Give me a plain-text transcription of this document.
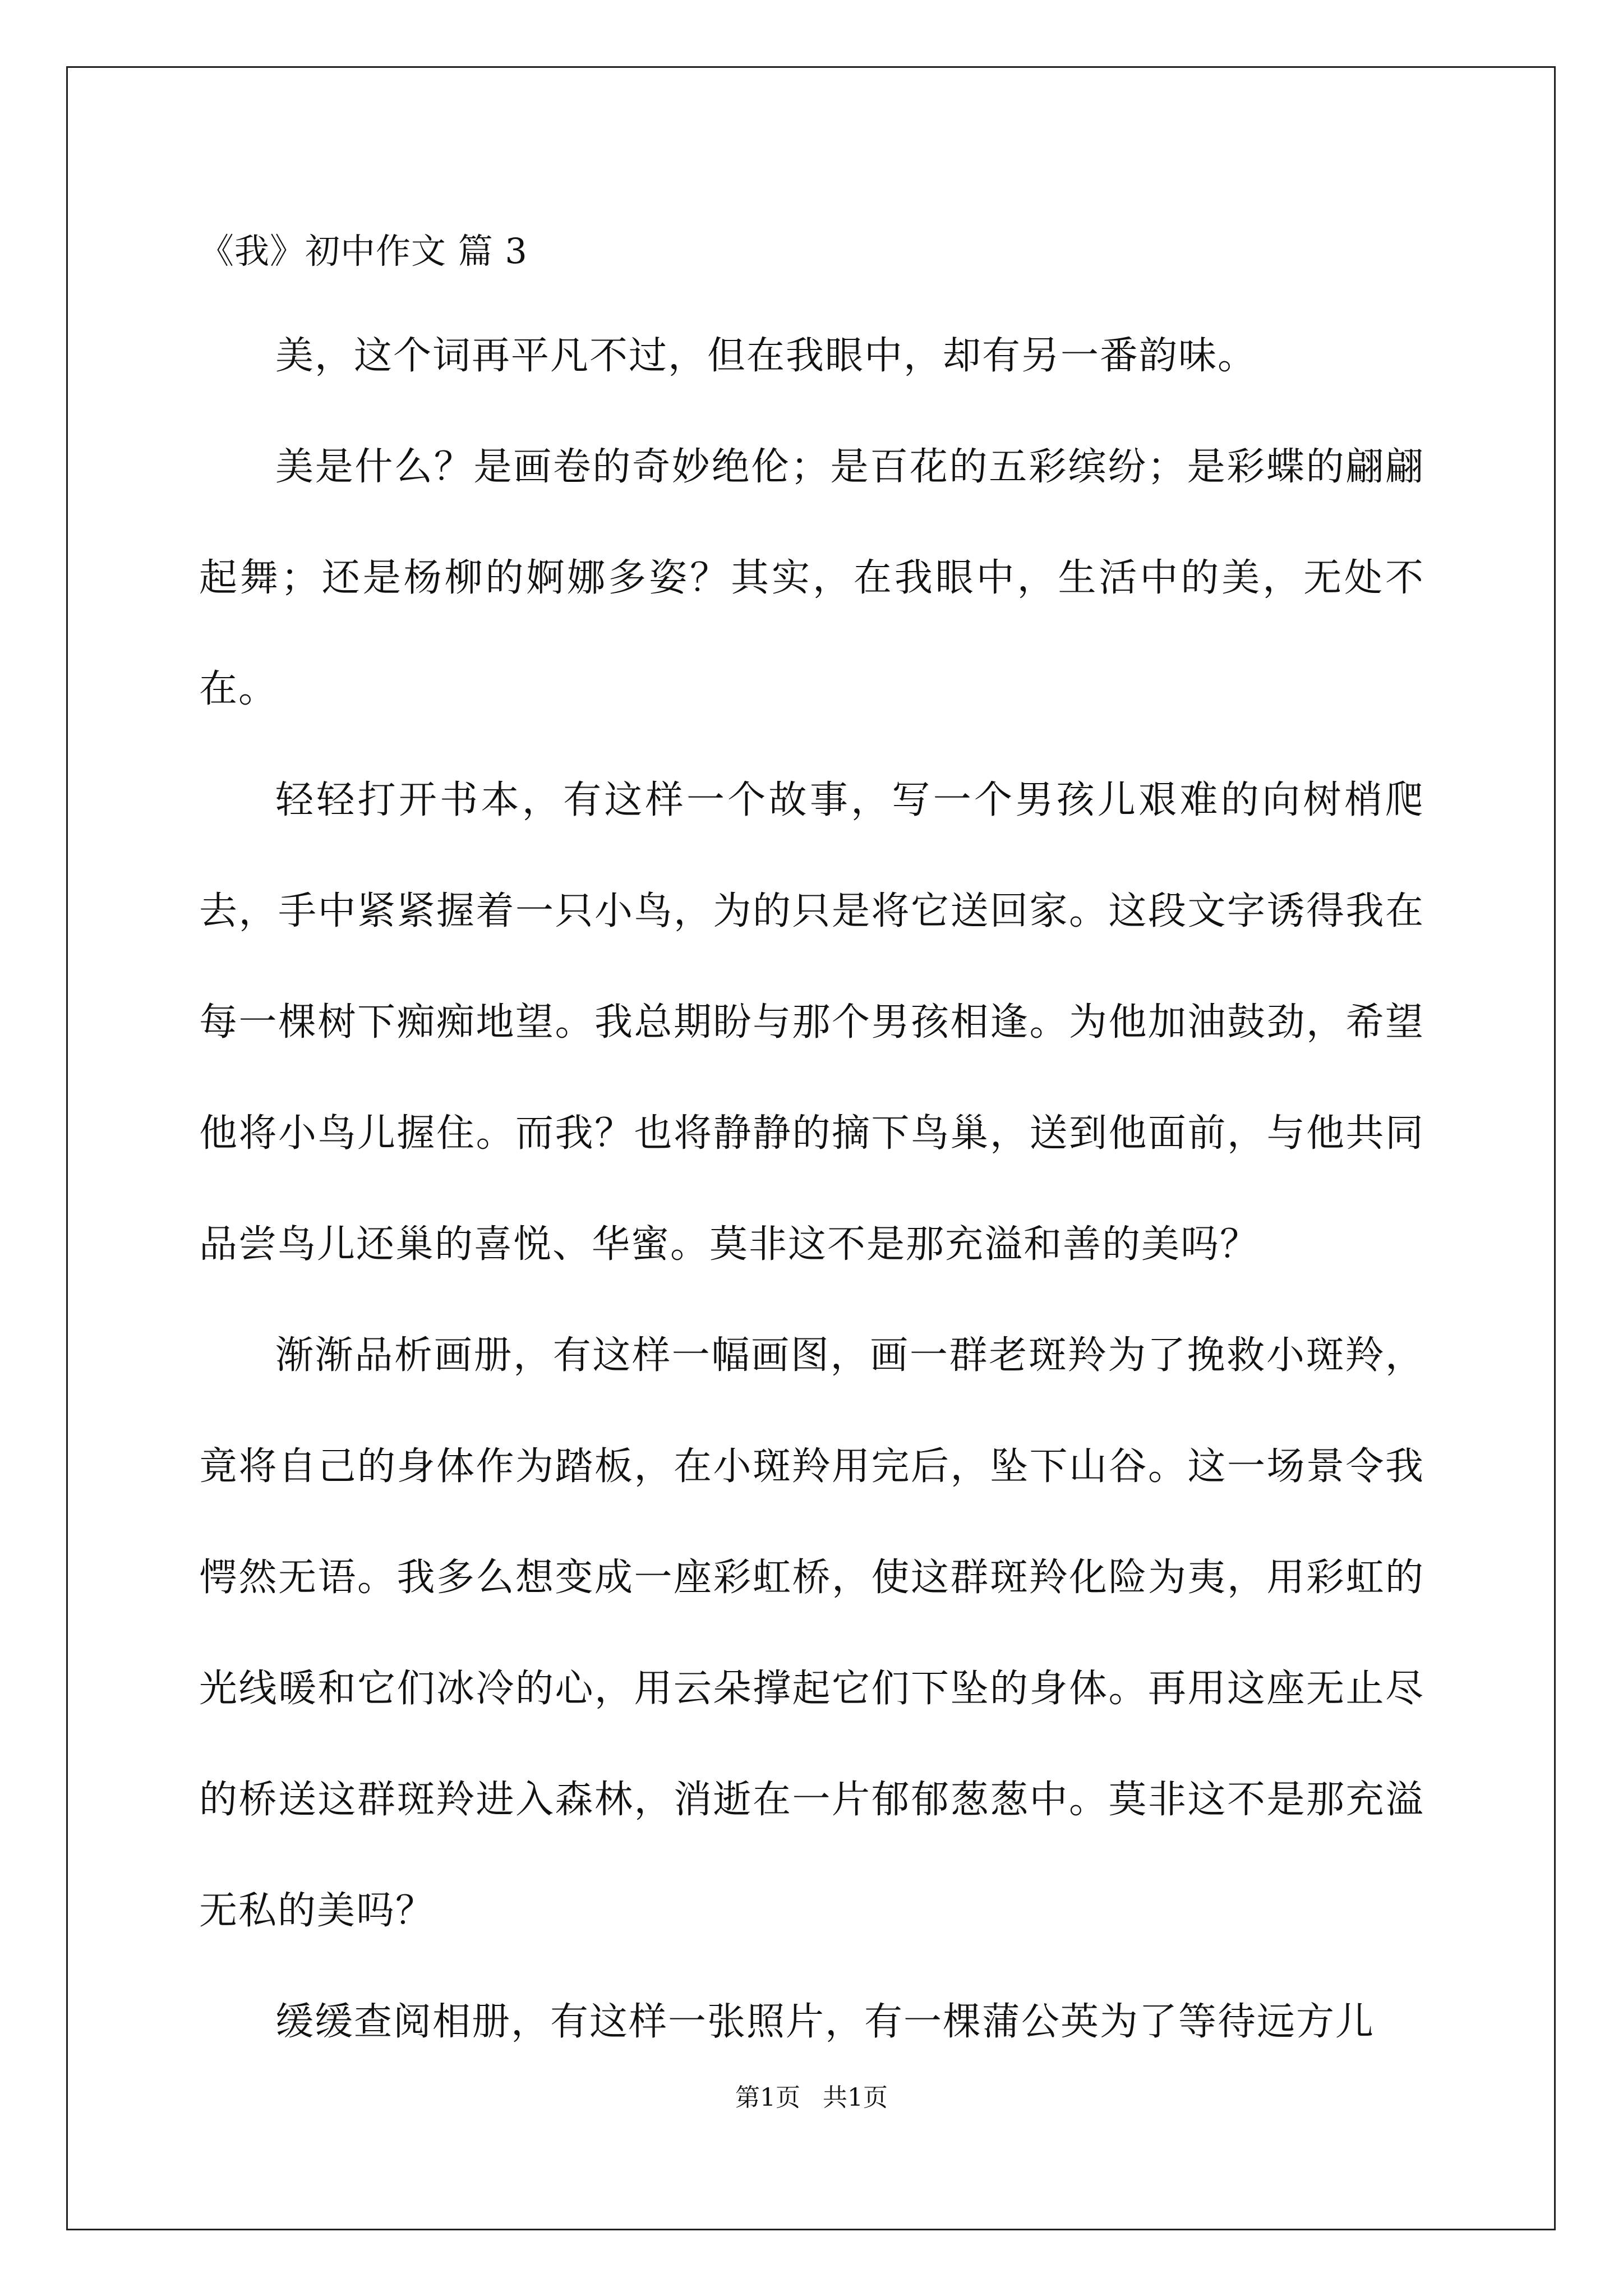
《我》初中作文 篇 3

美，这个词再平凡不过，但在我眼中，却有另一番韵味。

美是什么？是画卷的奇妙绝伦；是百花的五彩缤纷；是彩蝶的翩翩起舞；还是杨柳的婀娜多姿？其实，在我眼中，生活中的美，无处不在。

轻轻打开书本，有这样一个故事，写一个男孩儿艰难的向树梢爬去，手中紧紧握着一只小鸟，为的只是将它送回家。这段文字诱得我在每一棵树下痴痴地望。我总期盼与那个男孩相逢。为他加油鼓劲，希望他将小鸟儿握住。而我？也将静静的摘下鸟巢，送到他面前，与他共同品尝鸟儿还巢的喜悦、华蜜。莫非这不是那充溢和善的美吗？

渐渐品析画册，有这样一幅画图，画一群老斑羚为了挽救小斑羚，竟将自己的身体作为踏板，在小斑羚用完后，坠下山谷。这一场景令我愕然无语。我多么想变成一座彩虹桥，使这群斑羚化险为夷，用彩虹的光线暖和它们冰冷的心，用云朵撑起它们下坠的身体。再用这座无止尽的桥送这群斑羚进入森林，消逝在一片郁郁葱葱中。莫非这不是那充溢无私的美吗？

缓缓查阅相册，有这样一张照片，有一棵蒲公英为了等待远方儿

第1页 共1页
